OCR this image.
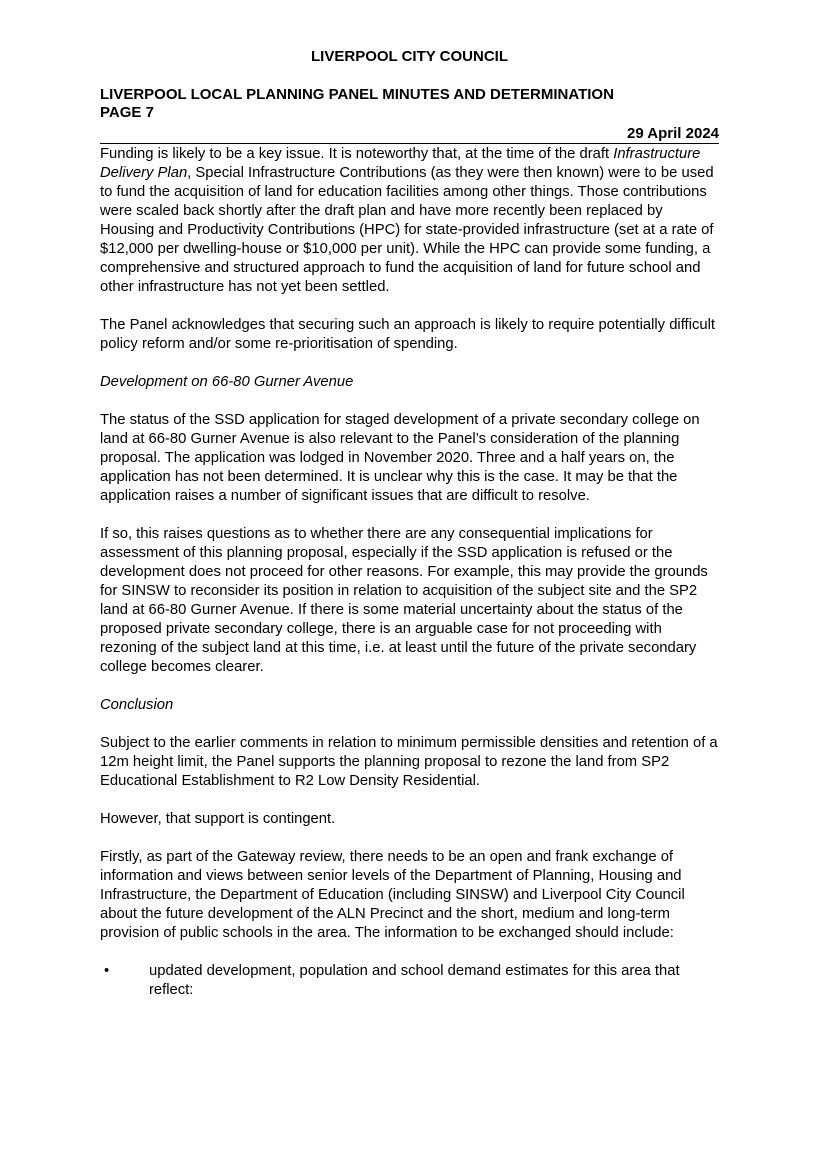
LIVERPOOL CITY COUNCIL

LIVERPOOL LOCAL PLANNING PANEL MINUTES AND DETERMINATION
PAGE 7
29 April 2024

Funding is likely to be a key issue. It is noteworthy that, at the time of the draft Infrastructure Delivery Plan, Special Infrastructure Contributions (as they were then known) were to be used to fund the acquisition of land for education facilities among other things. Those contributions were scaled back shortly after the draft plan and have more recently been replaced by Housing and Productivity Contributions (HPC) for state-provided infrastructure (set at a rate of $12,000 per dwelling-house or $10,000 per unit). While the HPC can provide some funding, a comprehensive and structured approach to fund the acquisition of land for future school and other infrastructure has not yet been settled.

The Panel acknowledges that securing such an approach is likely to require potentially difficult policy reform and/or some re-prioritisation of spending.

Development on 66-80 Gurner Avenue

The status of the SSD application for staged development of a private secondary college on land at 66-80 Gurner Avenue is also relevant to the Panel’s consideration of the planning proposal. The application was lodged in November 2020. Three and a half years on, the application has not been determined. It is unclear why this is the case. It may be that the application raises a number of significant issues that are difficult to resolve.

If so, this raises questions as to whether there are any consequential implications for assessment of this planning proposal, especially if the SSD application is refused or the development does not proceed for other reasons. For example, this may provide the grounds for SINSW to reconsider its position in relation to acquisition of the subject site and the SP2 land at 66-80 Gurner Avenue. If there is some material uncertainty about the status of the proposed private secondary college, there is an arguable case for not proceeding with rezoning of the subject land at this time, i.e. at least until the future of the private secondary college becomes clearer.

Conclusion

Subject to the earlier comments in relation to minimum permissible densities and retention of a 12m height limit, the Panel supports the planning proposal to rezone the land from SP2 Educational Establishment to R2 Low Density Residential.

However, that support is contingent.

Firstly, as part of the Gateway review, there needs to be an open and frank exchange of information and views between senior levels of the Department of Planning, Housing and Infrastructure, the Department of Education (including SINSW) and Liverpool City Council about the future development of the ALN Precinct and the short, medium and long-term provision of public schools in the area. The information to be exchanged should include:

•	updated development, population and school demand estimates for this area that reflect:
